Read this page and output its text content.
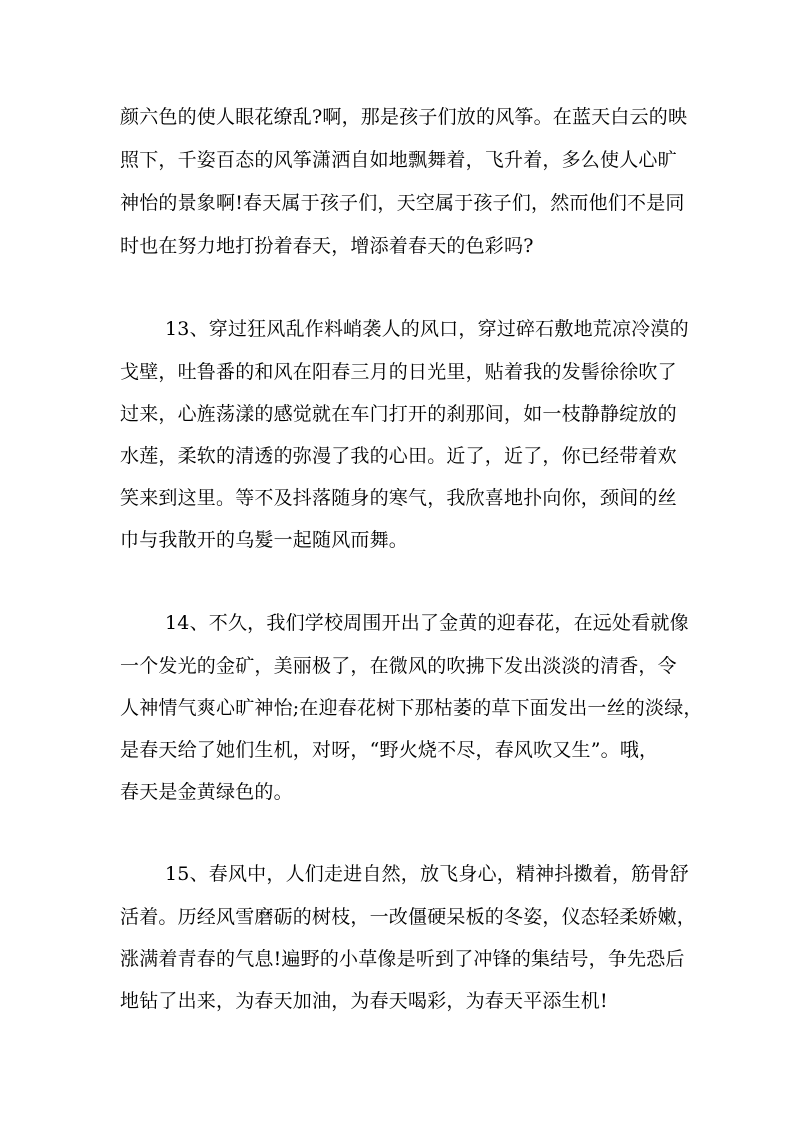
颜六色的使人眼花缭乱?啊，那是孩子们放的风筝。在蓝天白云的映
照下，千姿百态的风筝潇洒自如地飘舞着，飞升着，多么使人心旷
神怡的景象啊!春天属于孩子们，天空属于孩子们，然而他们不是同
时也在努力地打扮着春天，增添着春天的色彩吗?
13、穿过狂风乱作料峭袭人的风口，穿过碎石敷地荒凉冷漠的
戈壁，吐鲁番的和风在阳春三月的日光里，贴着我的发髻徐徐吹了
过来，心旌荡漾的感觉就在车门打开的刹那间，如一枝静静绽放的
水莲，柔软的清透的弥漫了我的心田。近了，近了，你已经带着欢
笑来到这里。等不及抖落随身的寒气，我欣喜地扑向你，颈间的丝
巾与我散开的乌髮一起随风而舞。
14、不久，我们学校周围开出了金黄的迎春花，在远处看就像
一个发光的金矿，美丽极了，在微风的吹拂下发出淡淡的清香，令
人神情气爽心旷神怡;在迎春花树下那枯萎的草下面发出一丝的淡绿，
是春天给了她们生机，对呀，“野火烧不尽，春风吹又生”。哦，
春天是金黄绿色的。
15、春风中，人们走进自然，放飞身心，精神抖擞着，筋骨舒
活着。历经风雪磨砺的树枝，一改僵硬呆板的冬姿，仪态轻柔娇嫩，
涨满着青春的气息!遍野的小草像是听到了冲锋的集结号，争先恐后
地钻了出来，为春天加油，为春天喝彩，为春天平添生机!
